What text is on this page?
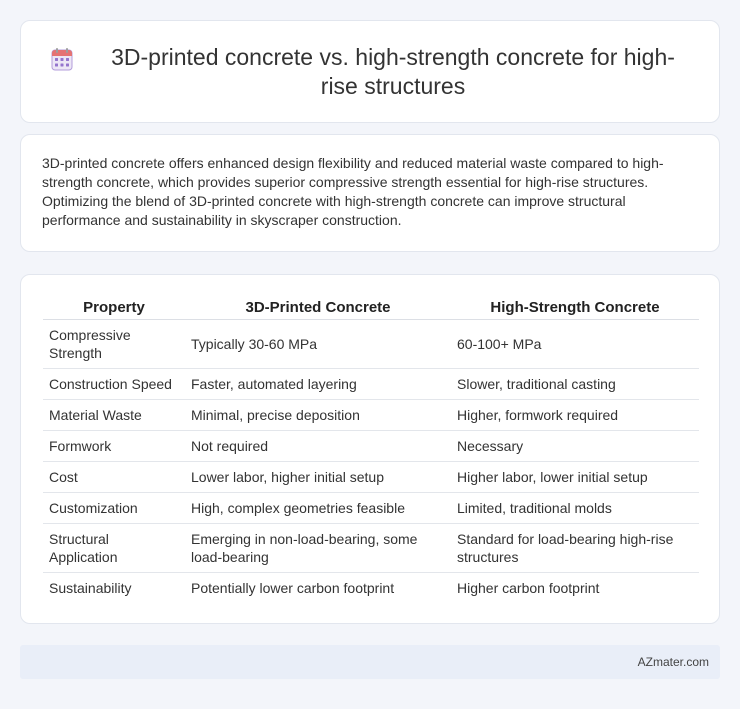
3D-printed concrete vs. high-strength concrete for high-rise structures

3D-printed concrete offers enhanced design flexibility and reduced material waste compared to high-strength concrete, which provides superior compressive strength essential for high-rise structures. Optimizing the blend of 3D-printed concrete with high-strength concrete can improve structural performance and sustainability in skyscraper construction.

Property	3D-Printed Concrete	High-Strength Concrete
Compressive Strength	Typically 30-60 MPa	60-100+ MPa
Construction Speed	Faster, automated layering	Slower, traditional casting
Material Waste	Minimal, precise deposition	Higher, formwork required
Formwork	Not required	Necessary
Cost	Lower labor, higher initial setup	Higher labor, lower initial setup
Customization	High, complex geometries feasible	Limited, traditional molds
Structural Application	Emerging in non-load-bearing, some load-bearing	Standard for load-bearing high-rise structures
Sustainability	Potentially lower carbon footprint	Higher carbon footprint
AZmater.com
